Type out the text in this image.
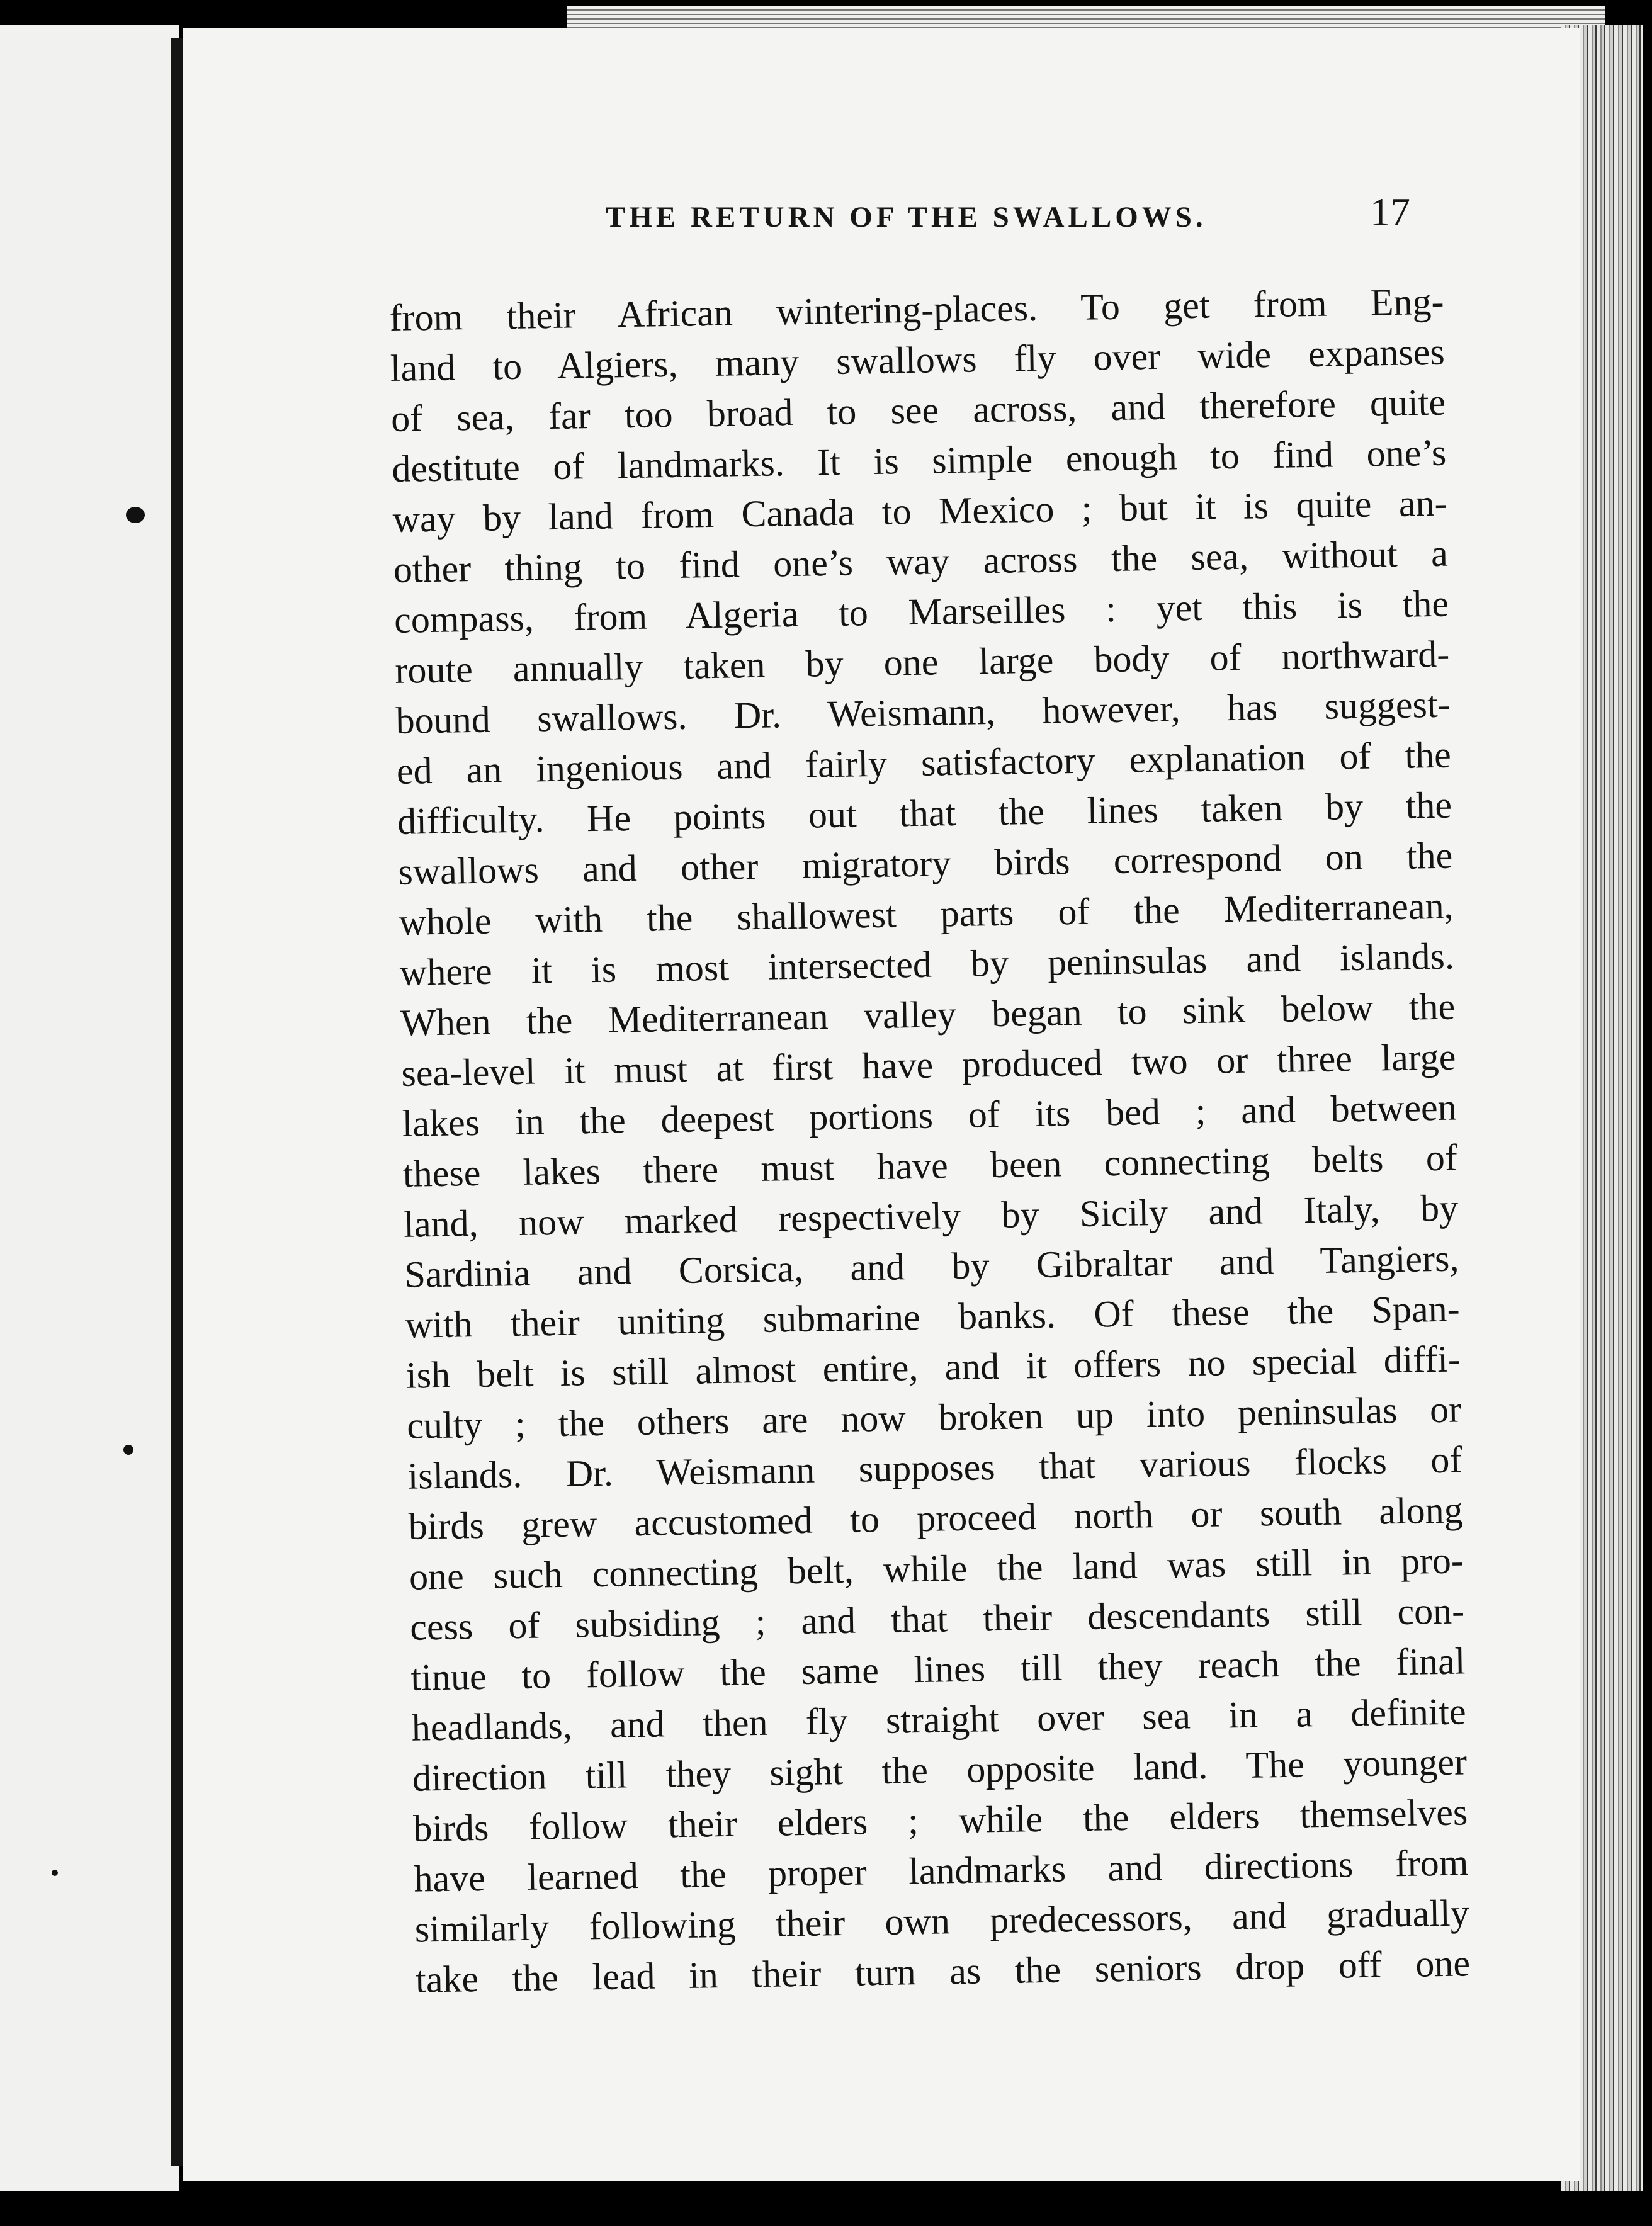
THE RETURN OF THE SWALLOWS.	17
from their African wintering-places. To get from Eng-
land to Algiers, many swallows fly over wide expanses
of sea, far too broad to see across, and therefore quite
destitute of landmarks. It is simple enough to find one’s
way by land from Canada to Mexico ; but it is quite an-
other thing to find one’s way across the sea, without a
compass, from Algeria to Marseilles : yet this is the
route annually taken by one large body of northward-
bound swallows. Dr. Weismann, however, has suggest-
ed an ingenious and fairly satisfactory explanation of the
difficulty. He points out that the lines taken by the
swallows and other migratory birds correspond on the
whole with the shallowest parts of the Mediterranean,
where it is most intersected by peninsulas and islands.
When the Mediterranean valley began to sink below the
sea-level it must at first have produced two or three large
lakes in the deepest portions of its bed ; and between
these lakes there must have been connecting belts of
land, now marked respectively by Sicily and Italy, by
Sardinia and Corsica, and by Gibraltar and Tangiers,
with their uniting submarine banks. Of these the Span-
ish belt is still almost entire, and it offers no special diffi-
culty ; the others are now broken up into peninsulas or
islands. Dr. Weismann supposes that various flocks of
birds grew accustomed to proceed north or south along
one such connecting belt, while the land was still in pro-
cess of subsiding ; and that their descendants still con-
tinue to follow the same lines till they reach the final
headlands, and then fly straight over sea in a definite
direction till they sight the opposite land. The younger
birds follow their elders ; while the elders themselves
have learned the proper landmarks and directions from
similarly following their own predecessors, and gradually
take the lead in their turn as the seniors drop off one
